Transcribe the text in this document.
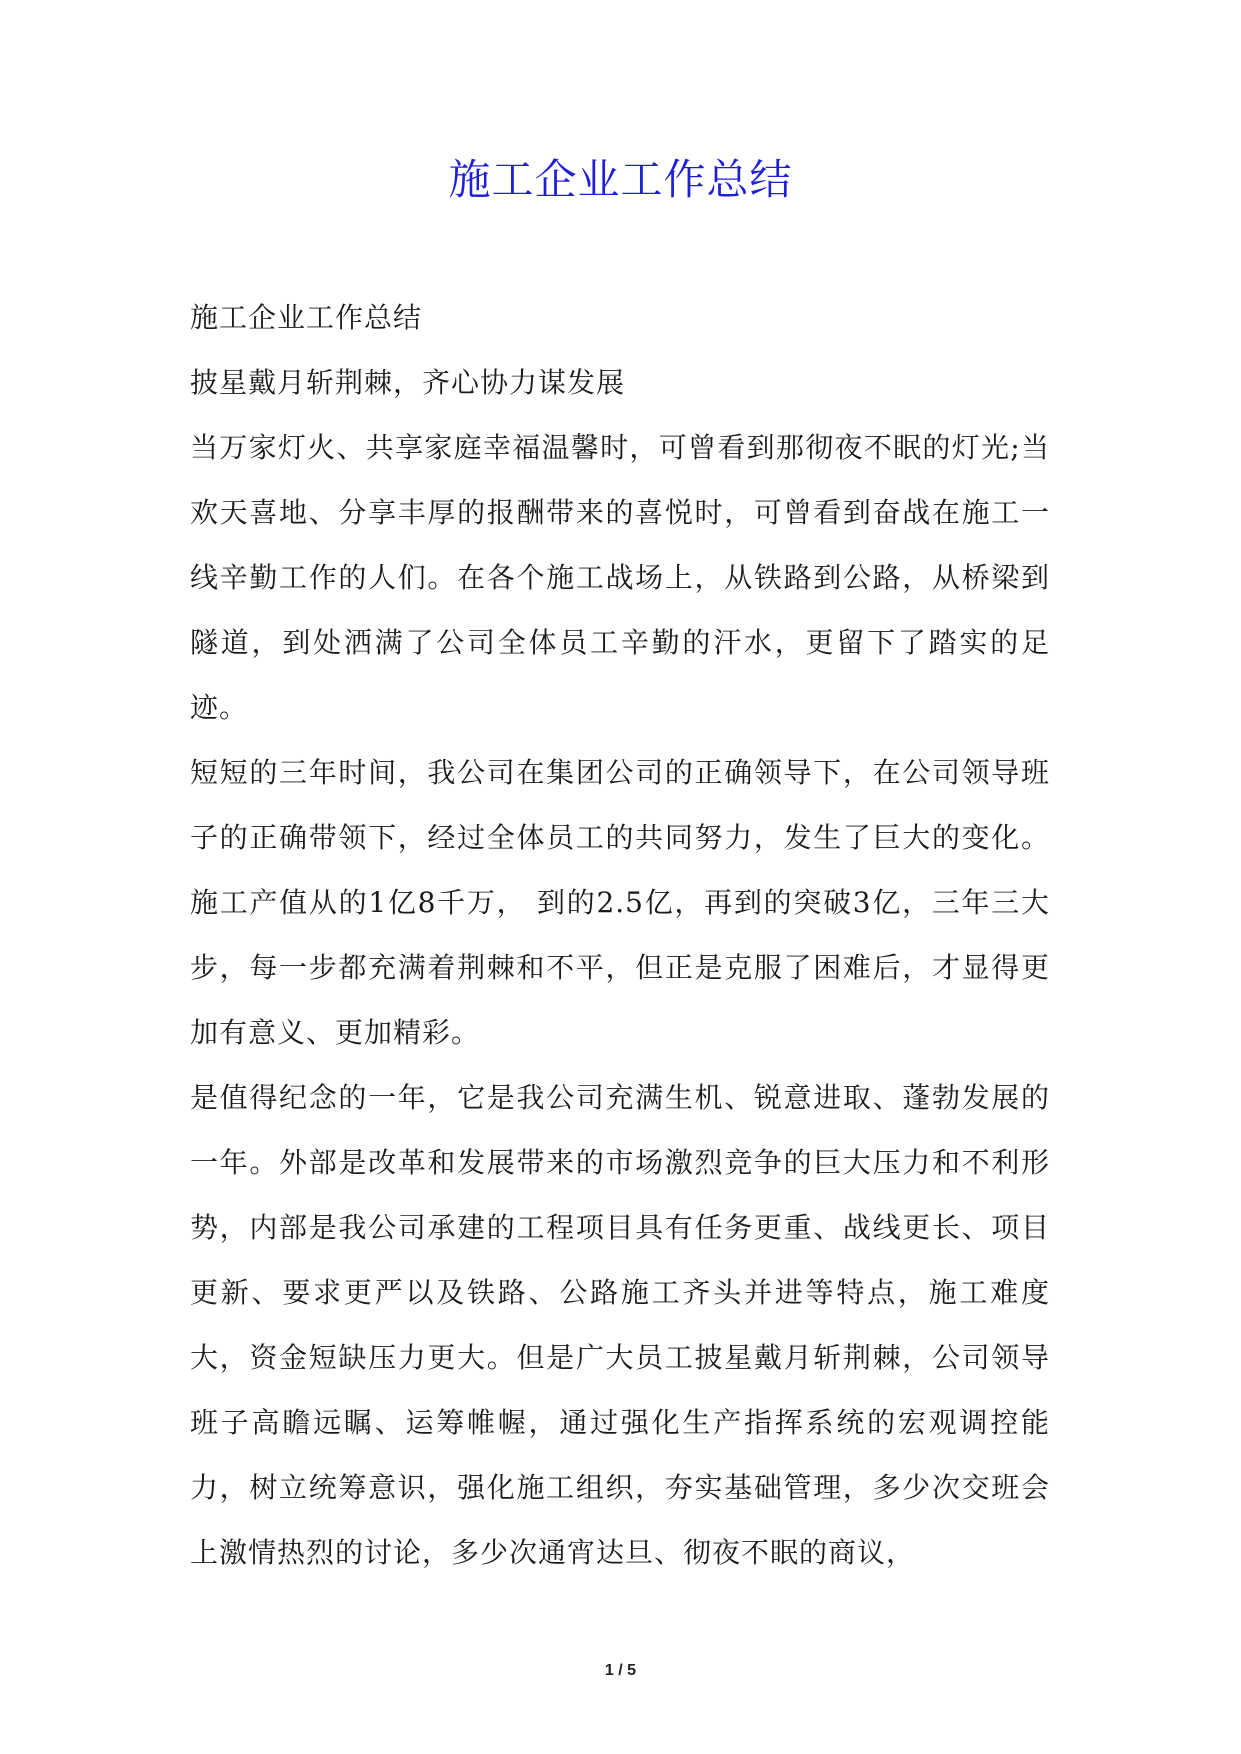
施工企业工作总结

施工企业工作总结

披星戴月斩荆棘，齐心协力谋发展

当万家灯火、共享家庭幸福温馨时，可曾看到那彻夜不眠的灯光;当欢天喜地、分享丰厚的报酬带来的喜悦时，可曾看到奋战在施工一线辛勤工作的人们。在各个施工战场上，从铁路到公路，从桥梁到隧道，到处洒满了公司全体员工辛勤的汗水，更留下了踏实的足迹。

短短的三年时间，我公司在集团公司的正确领导下，在公司领导班子的正确带领下，经过全体员工的共同努力，发生了巨大的变化。施工产值从的1亿8千万， 到的2.5亿，再到的突破3亿，三年三大步，每一步都充满着荆棘和不平，但正是克服了困难后，才显得更加有意义、更加精彩。

是值得纪念的一年，它是我公司充满生机、锐意进取、蓬勃发展的一年。外部是改革和发展带来的市场激烈竞争的巨大压力和不利形势，内部是我公司承建的工程项目具有任务更重、战线更长、项目更新、要求更严以及铁路、公路施工齐头并进等特点，施工难度大，资金短缺压力更大。但是广大员工披星戴月斩荆棘，公司领导班子高瞻远瞩、运筹帷幄，通过强化生产指挥系统的宏观调控能力，树立统筹意识，强化施工组织，夯实基础管理，多少次交班会上激情热烈的讨论，多少次通宵达旦、彻夜不眠的商议，

1 / 5
